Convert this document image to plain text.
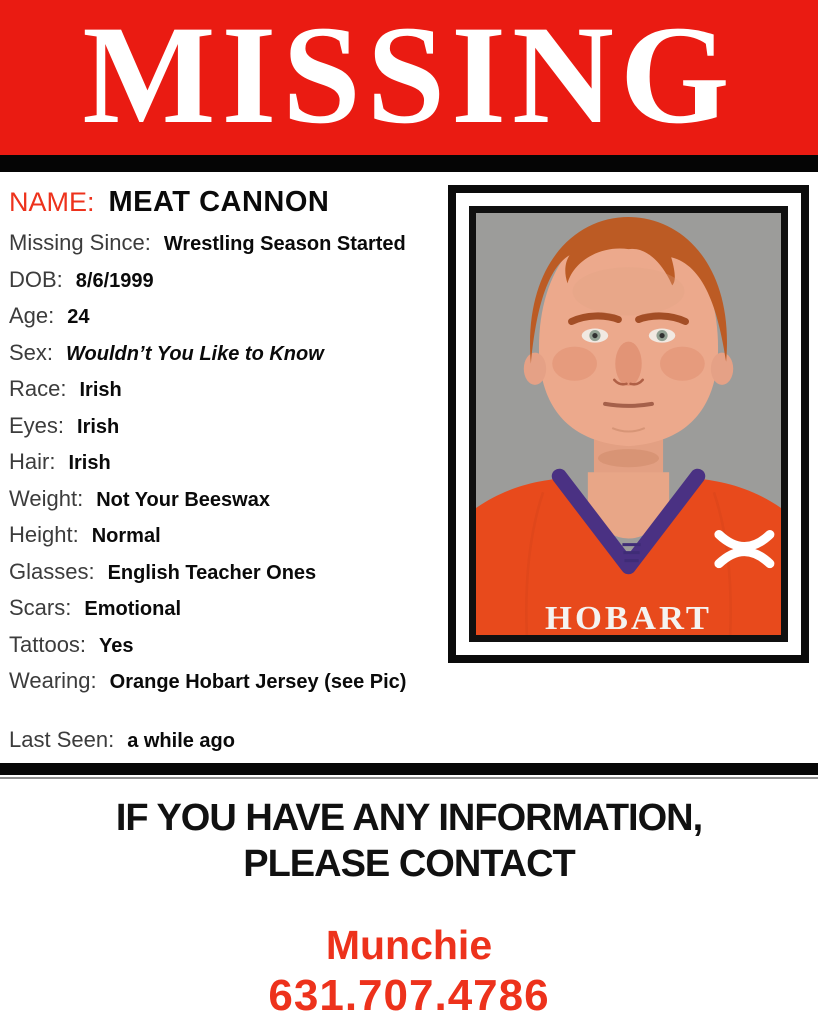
MISSING
NAME: MEAT CANNON
Missing Since: Wrestling Season Started
DOB: 8/6/1999
Age: 24
Sex: Wouldn’t You Like to Know
Race: Irish
Eyes: Irish
Hair: Irish
Weight: Not Your Beeswax
Height: Normal
Glasses: English Teacher Ones
Scars: Emotional
Tattoos: Yes
Wearing: Orange Hobart Jersey (see Pic)
Last Seen: a while ago
HOBART
IF YOU HAVE ANY INFORMATION,
PLEASE CONTACT
Munchie
631.707.4786
